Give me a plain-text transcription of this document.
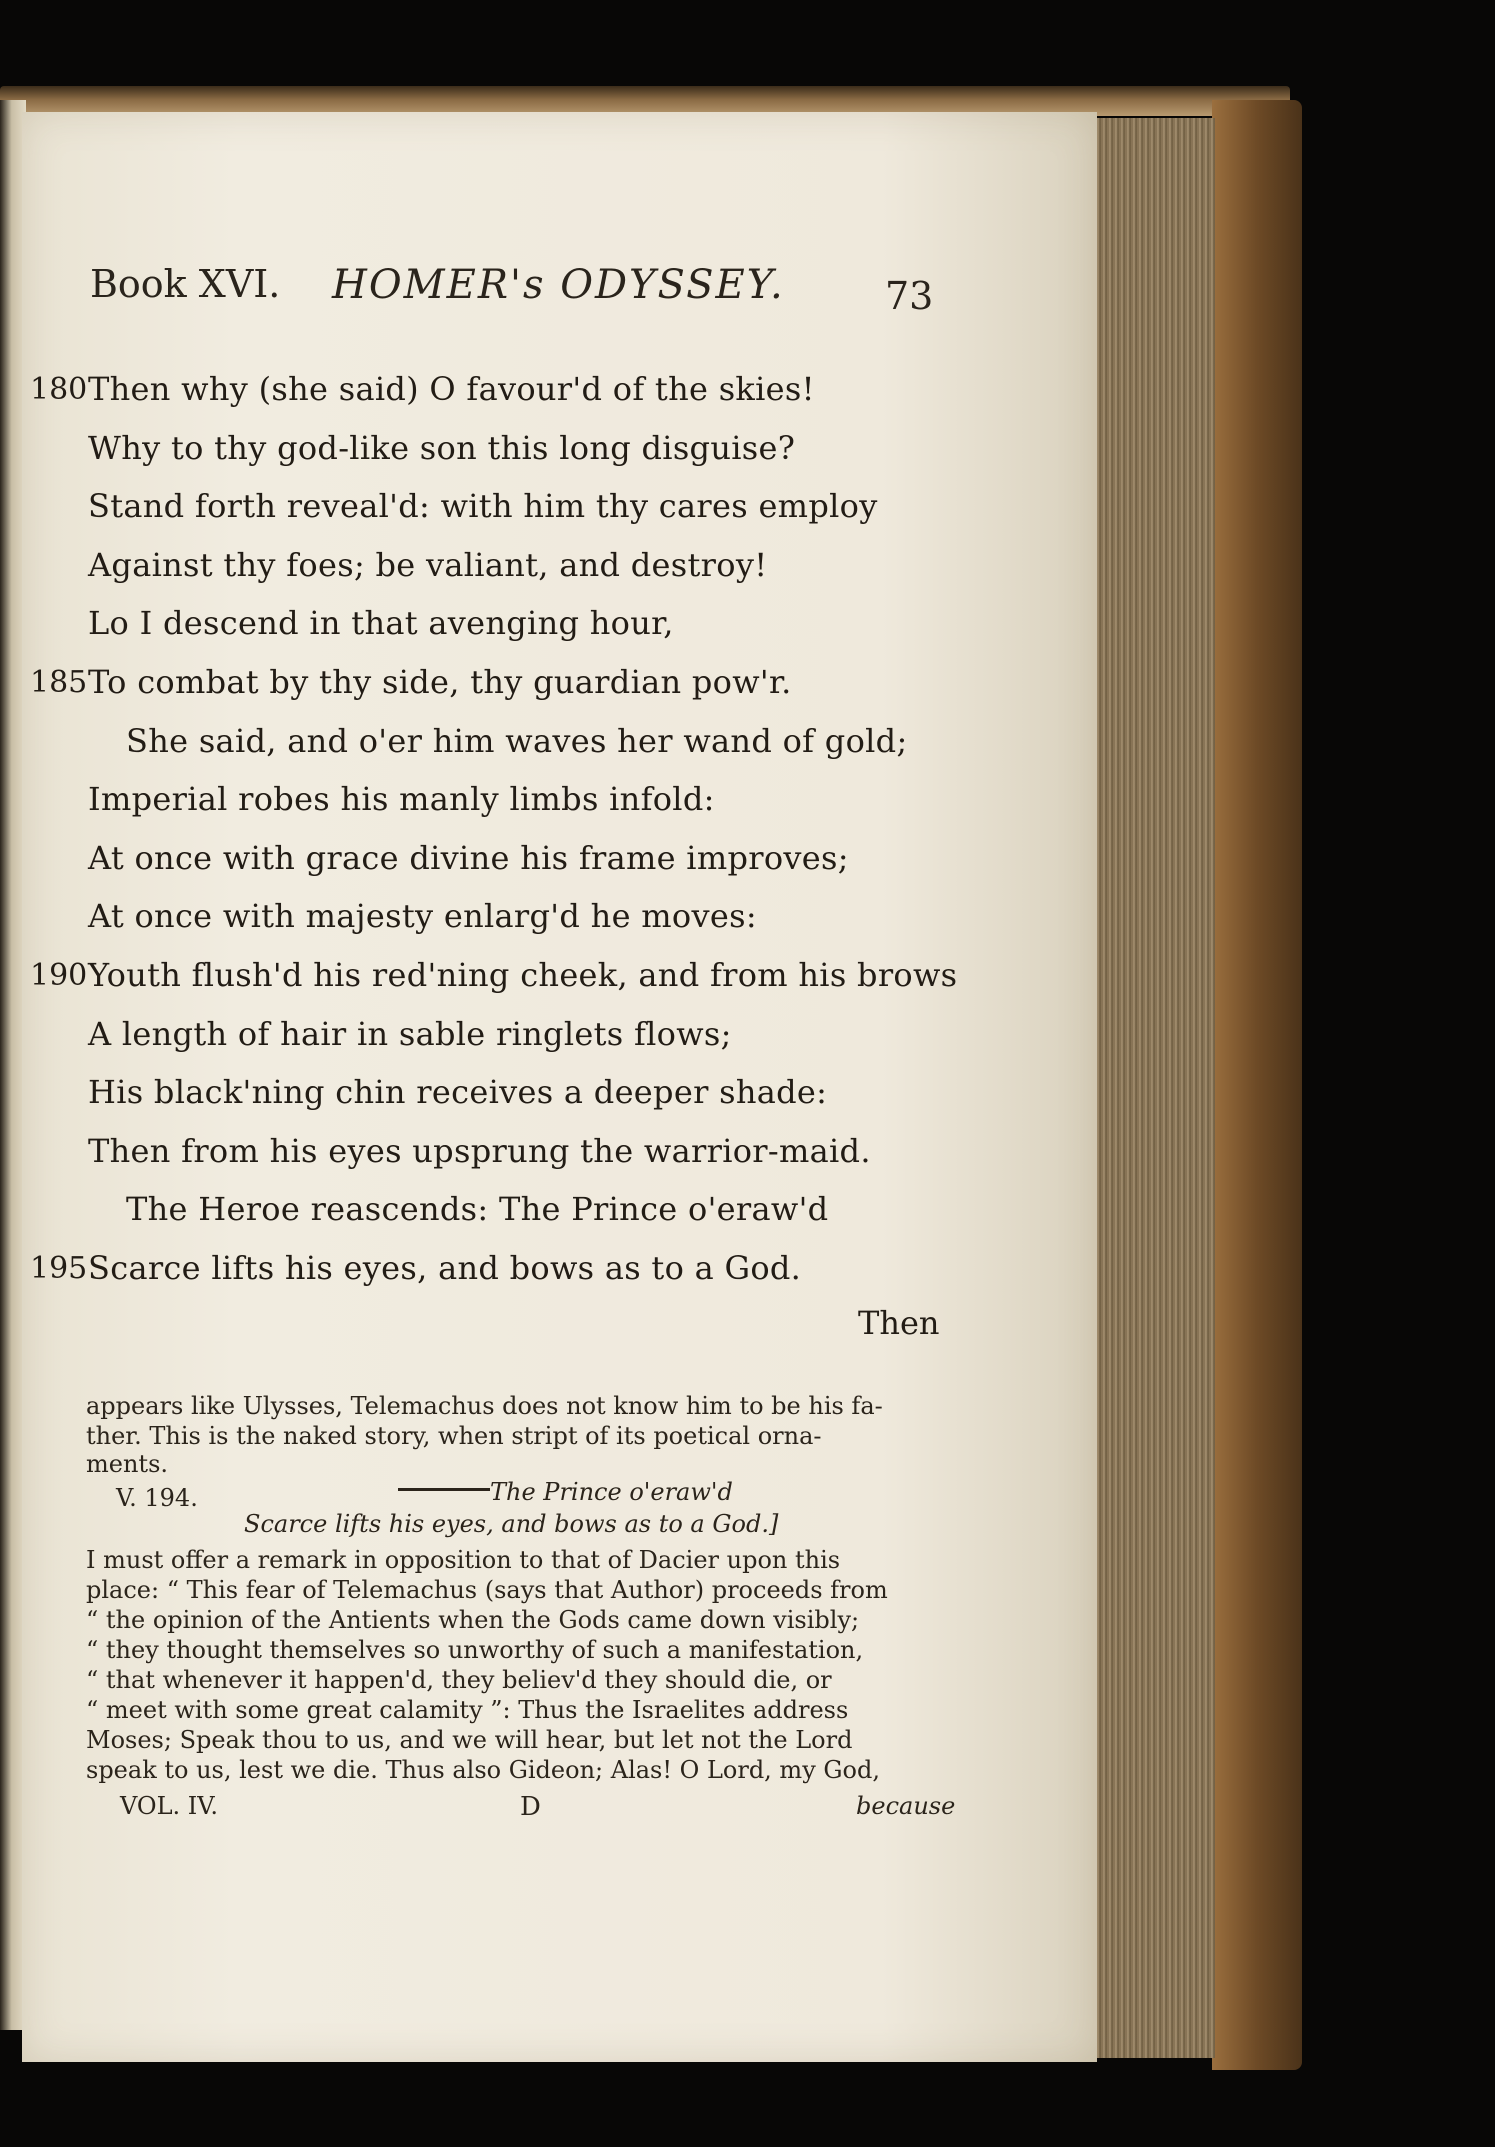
Book XVI. HOMER's ODYSSEY.	73
Then why (she said) O favour'd of the skies!
180
Why to thy god-like son this long disguise?
Stand forth reveal'd: with him thy cares employ
Against thy foes; be valiant, and destroy!
Lo I descend in that avenging hour,
To combat by thy side, thy guardian pow'r.
185
She said, and o'er him waves her wand of gold;
Imperial robes his manly limbs infold:
At once with grace divine his frame improves;
At once with majesty enlarg'd he moves:
Youth flush'd his red'ning cheek, and from his brows
190
A length of hair in sable ringlets flows;
His black'ning chin receives a deeper shade:
Then from his eyes upsprung the warrior-maid.
The Heroe reascends: The Prince o'eraw'd
Scarce lifts his eyes, and bows as to a God.
195
Then
appears like Ulysses, Telemachus does not know him to be his fa-
ther. This is the naked story, when stript of its poetical orna-
ments.
V. 194.	The Prince o'eraw'd
Scarce lifts his eyes, and bows as to a God.]
I must offer a remark in opposition to that of Dacier upon this
place: “ This fear of Telemachus (says that Author) proceeds from
“ the opinion of the Antients when the Gods came down visibly;
“ they thought themselves so unworthy of such a manifestation,
“ that whenever it happen'd, they believ'd they should die, or
“ meet with some great calamity ”: Thus the Israelites address
Moses; Speak thou to us, and we will hear, but let not the Lord
speak to us, lest we die. Thus also Gideon; Alas! O Lord, my God,
VOL. IV.	D	because
